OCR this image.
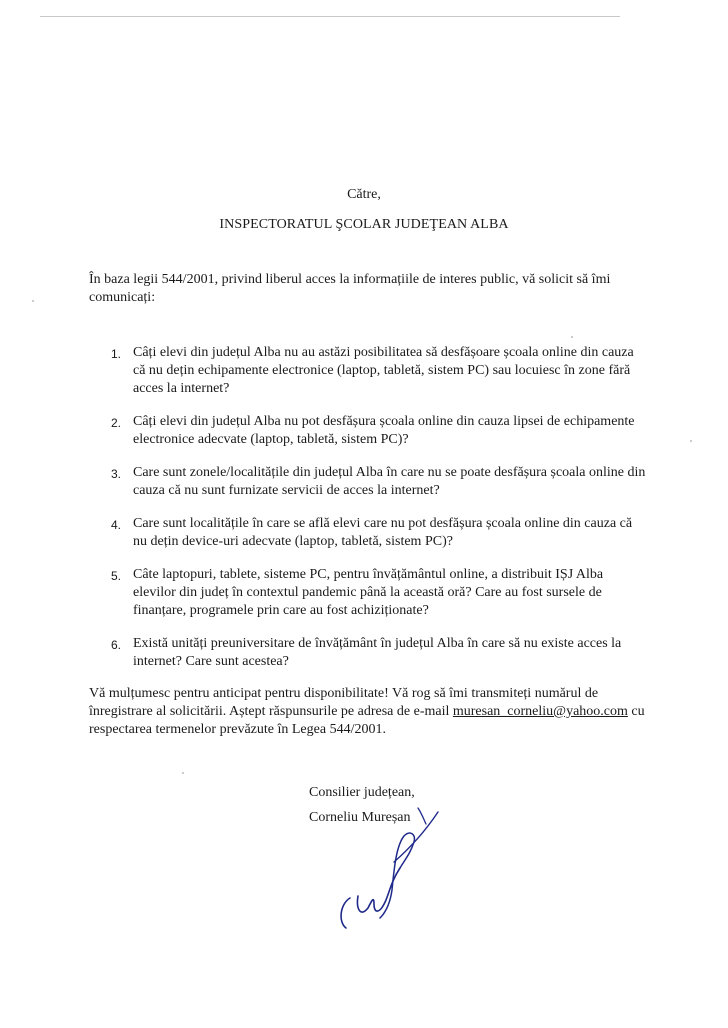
Către,
INSPECTORATUL ŞCOLAR JUDEŢEAN ALBA
În baza legii 544/2001, privind liberul acces la informațiile de interes public, vă solicit să îmi comunicați:
1. Câți elevi din județul Alba nu au astăzi posibilitatea să desfășoare școala online din cauza că nu dețin echipamente electronice (laptop, tabletă, sistem PC) sau locuiesc în zone fără acces la internet?
2. Câți elevi din județul Alba nu pot desfășura școala online din cauza lipsei de echipamente electronice adecvate (laptop, tabletă, sistem PC)?
3. Care sunt zonele/localitățile din județul Alba în care nu se poate desfășura școala online din cauza că nu sunt furnizate servicii de acces la internet?
4. Care sunt localitățile în care se află elevi care nu pot desfășura școala online din cauza că nu dețin device-uri adecvate (laptop, tabletă, sistem PC)?
5. Câte laptopuri, tablete, sisteme PC, pentru învățământul online, a distribuit IȘJ Alba elevilor din județ în contextul pandemic până la această oră? Care au fost sursele de finanțare, programele prin care au fost achiziționate?
6. Există unități preuniversitare de învățământ în județul Alba în care să nu existe acces la internet? Care sunt acestea?
Vă mulțumesc pentru anticipat pentru disponibilitate! Vă rog să îmi transmiteți numărul de înregistrare al solicitării. Aștept răspunsurile pe adresa de e-mail muresan_corneliu@yahoo.com cu respectarea termenelor prevăzute în Legea 544/2001.
Consilier județean,
Corneliu Mureșan
